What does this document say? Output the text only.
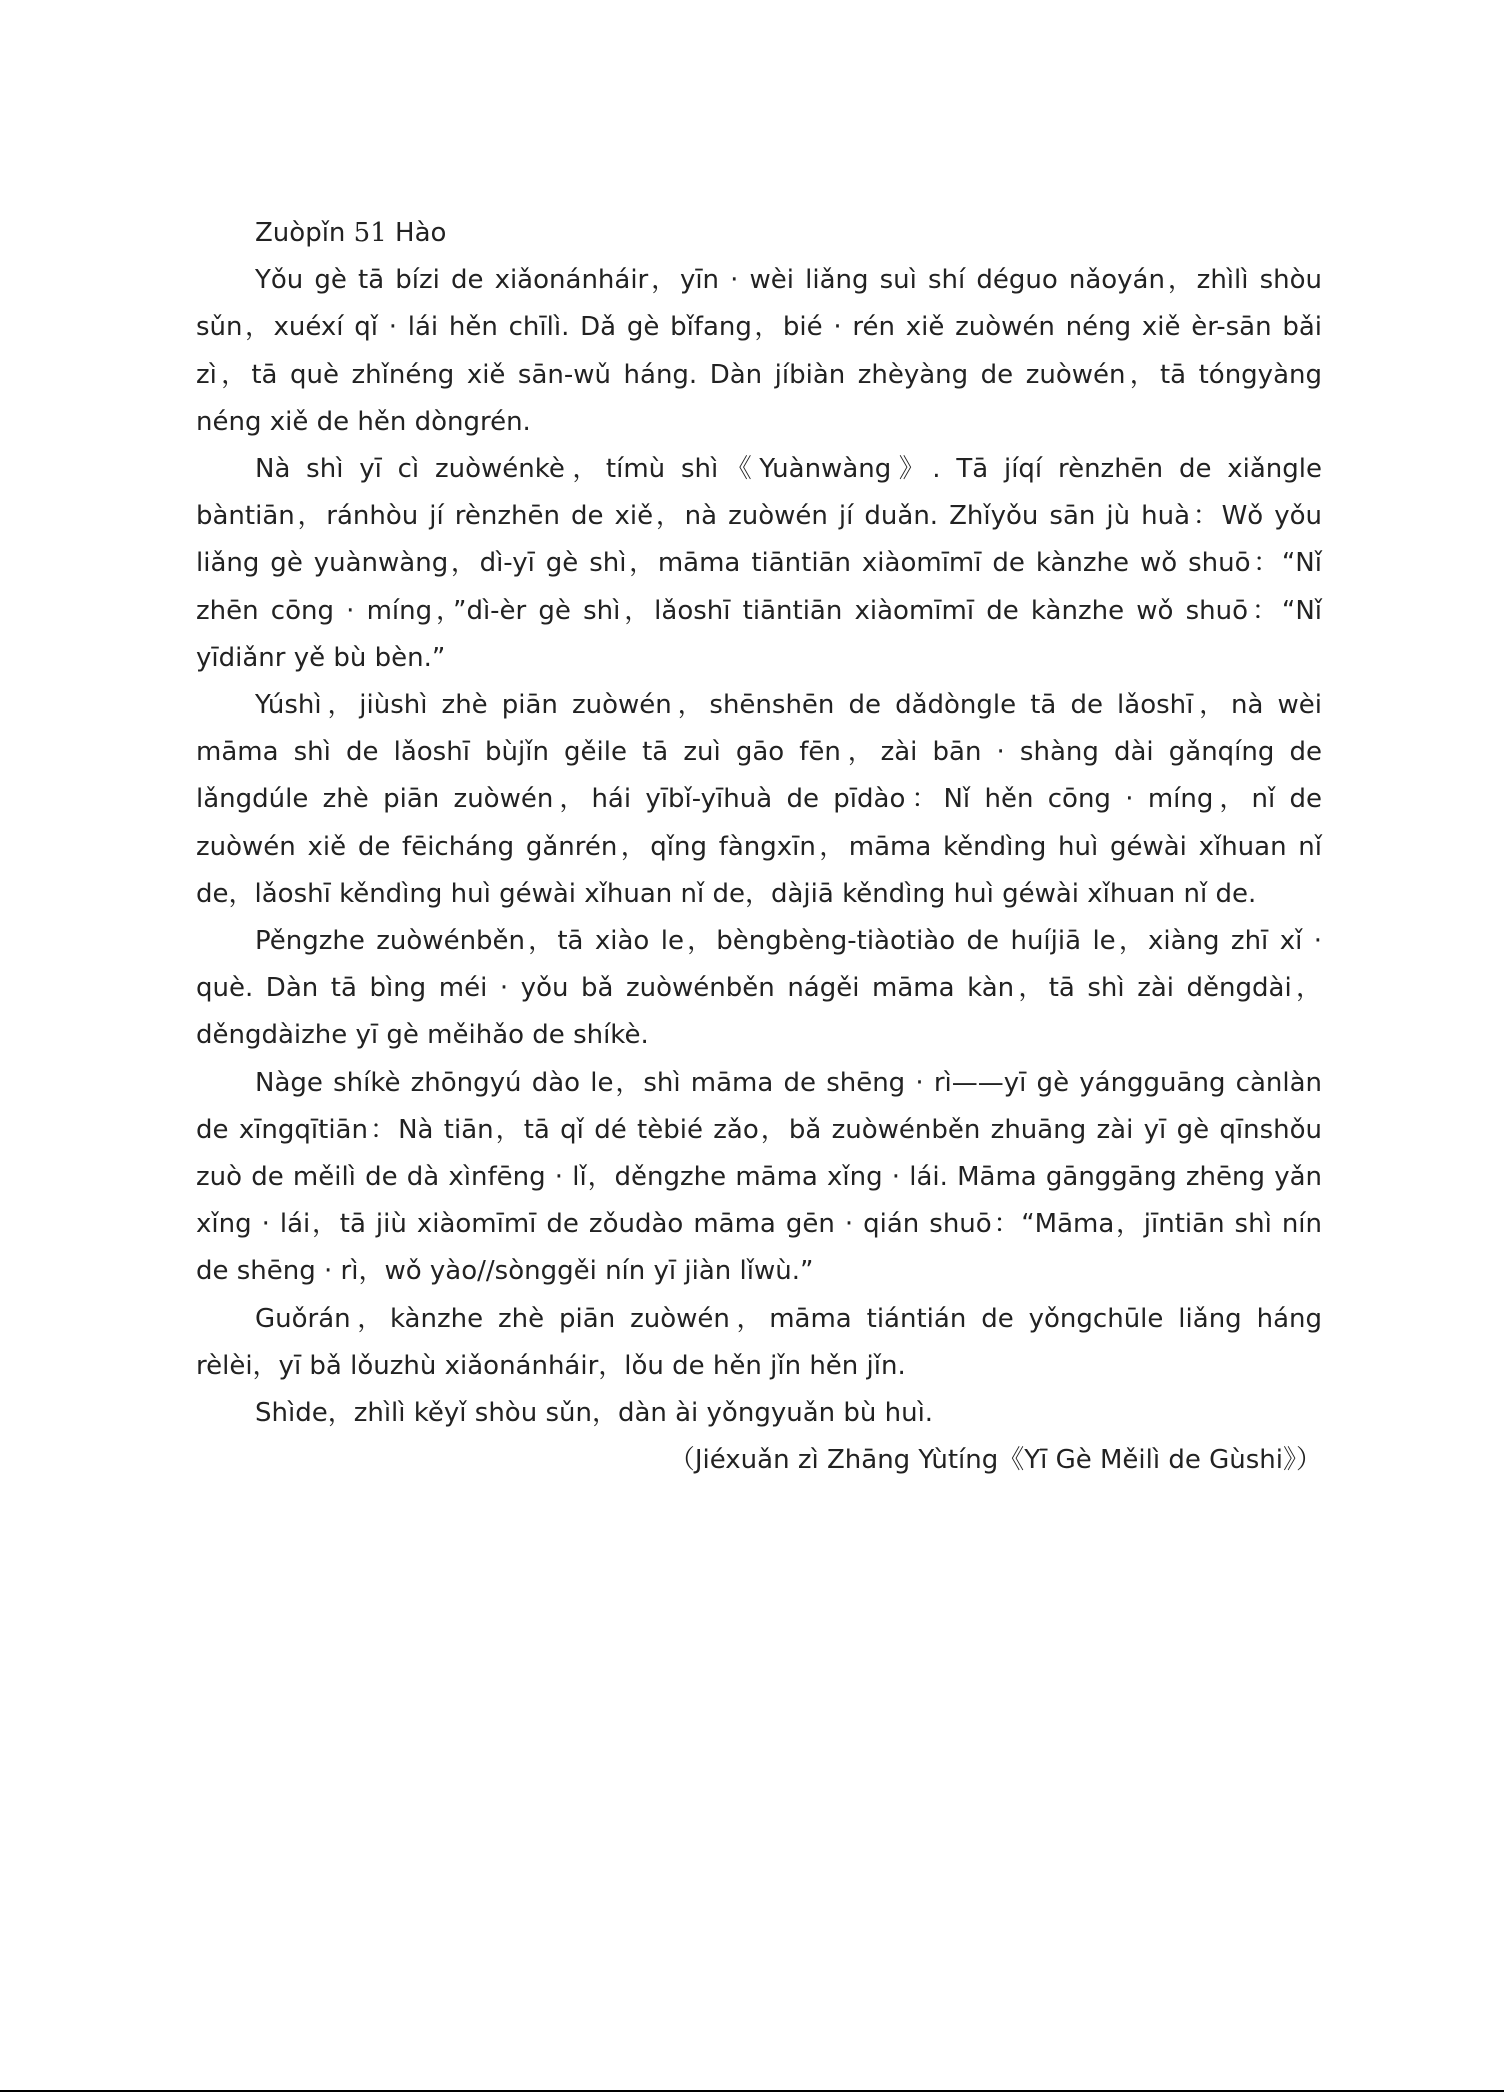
Zuòpǐn 51 Hào

Yǒu gè tā bízi de xiǎonánháir，yīn · wèi liǎng suì shí déguo nǎoyán，zhìlì shòu sǔn，xuéxí qǐ · lái hěn chīlì. Dǎ gè bǐfang，bié · rén xiě zuòwén néng xiě èr-sān bǎi zì，tā què zhǐnéng xiě sān-wǔ háng. Dàn jíbiàn zhèyàng de zuòwén，tā tóngyàng néng xiě de hěn dòngrén.

Nà shì yī cì zuòwénkè，tímù shì《Yuànwàng》. Tā jíqí rènzhēn de xiǎngle bàntiān，ránhòu jí rènzhēn de xiě，nà zuòwén jí duǎn. Zhǐyǒu sān jù huà：Wǒ yǒu liǎng gè yuànwàng，dì-yī gè shì，māma tiāntiān xiàomīmī de kànzhe wǒ shuō：“Nǐ zhēn cōng · míng，”dì-èr gè shì，lǎoshī tiāntiān xiàomīmī de kànzhe wǒ shuō：“Nǐ yīdiǎnr yě bù bèn.”

Yúshì，jiùshì zhè piān zuòwén，shēnshēn de dǎdòngle tā de lǎoshī，nà wèi māma shì de lǎoshī bùjǐn gěile tā zuì gāo fēn，zài bān · shàng dài gǎnqíng de lǎngdúle zhè piān zuòwén，hái yībǐ-yīhuà de pīdào：Nǐ hěn cōng · míng，nǐ de zuòwén xiě de fēicháng gǎnrén，qǐng fàngxīn，māma kěndìng huì géwài xǐhuan nǐ de，lǎoshī kěndìng huì géwài xǐhuan nǐ de，dàjiā kěndìng huì géwài xǐhuan nǐ de.

Pěngzhe zuòwénběn，tā xiào le，bèngbèng-tiàotiào de huíjiā le，xiàng zhī xǐ · què. Dàn tā bìng méi · yǒu bǎ zuòwénběn nágěi māma kàn，tā shì zài děngdài，děngdàizhe yī gè měihǎo de shíkè.

Nàge shíkè zhōngyú dào le，shì māma de shēng · rì——yī gè yángguāng cànlàn de xīngqītiān：Nà tiān，tā qǐ dé tèbié zǎo，bǎ zuòwénběn zhuāng zài yī gè qīnshǒu zuò de měilì de dà xìnfēng · lǐ，děngzhe māma xǐng · lái. Māma gānggāng zhēng yǎn xǐng · lái，tā jiù xiàomīmī de zǒudào māma gēn · qián shuō：“Māma，jīntiān shì nín de shēng · rì，wǒ yào//sònggěi nín yī jiàn lǐwù.”

Guǒrán，kànzhe zhè piān zuòwén，māma tiántián de yǒngchūle liǎng háng rèlèi，yī bǎ lǒuzhù xiǎonánháir，lǒu de hěn jǐn hěn jǐn.

Shìde，zhìlì kěyǐ shòu sǔn，dàn ài yǒngyuǎn bù huì.

（Jiéxuǎn zì Zhāng Yùtíng《Yī Gè Měilì de Gùshi》）
